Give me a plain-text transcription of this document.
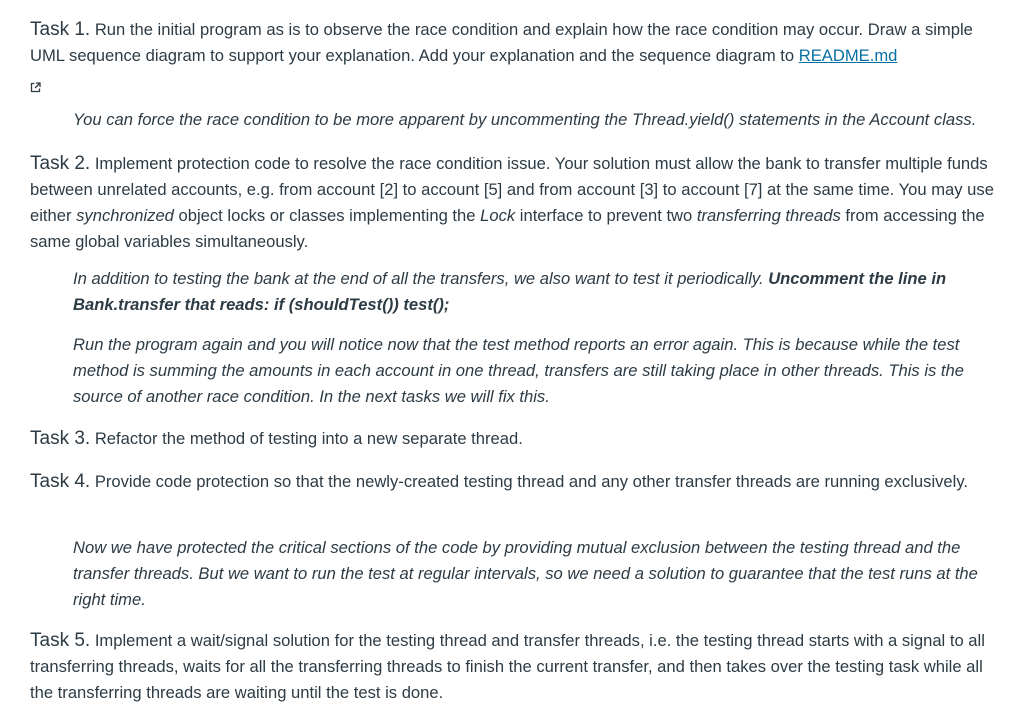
Task 1. Run the initial program as is to observe the race condition and explain how the race condition may occur. Draw a simple UML sequence diagram to support your explanation. Add your explanation and the sequence diagram to README.md

You can force the race condition to be more apparent by uncommenting the Thread.yield() statements in the Account class.

Task 2. Implement protection code to resolve the race condition issue. Your solution must allow the bank to transfer multiple funds between unrelated accounts, e.g. from account [2] to account [5] and from account [3] to account [7] at the same time. You may use either synchronized object locks or classes implementing the Lock interface to prevent two transferring threads from accessing the same global variables simultaneously.

In addition to testing the bank at the end of all the transfers, we also want to test it periodically. Uncomment the line in Bank.transfer that reads: if (shouldTest()) test();

Run the program again and you will notice now that the test method reports an error again. This is because while the test method is summing the amounts in each account in one thread, transfers are still taking place in other threads. This is the source of another race condition. In the next tasks we will fix this.

Task 3. Refactor the method of testing into a new separate thread.

Task 4. Provide code protection so that the newly-created testing thread and any other transfer threads are running exclusively.

Now we have protected the critical sections of the code by providing mutual exclusion between the testing thread and the transfer threads. But we want to run the test at regular intervals, so we need a solution to guarantee that the test runs at the right time.

Task 5. Implement a wait/signal solution for the testing thread and transfer threads, i.e. the testing thread starts with a signal to all transferring threads, waits for all the transferring threads to finish the current transfer, and then takes over the testing task while all the transferring threads are waiting until the test is done.
